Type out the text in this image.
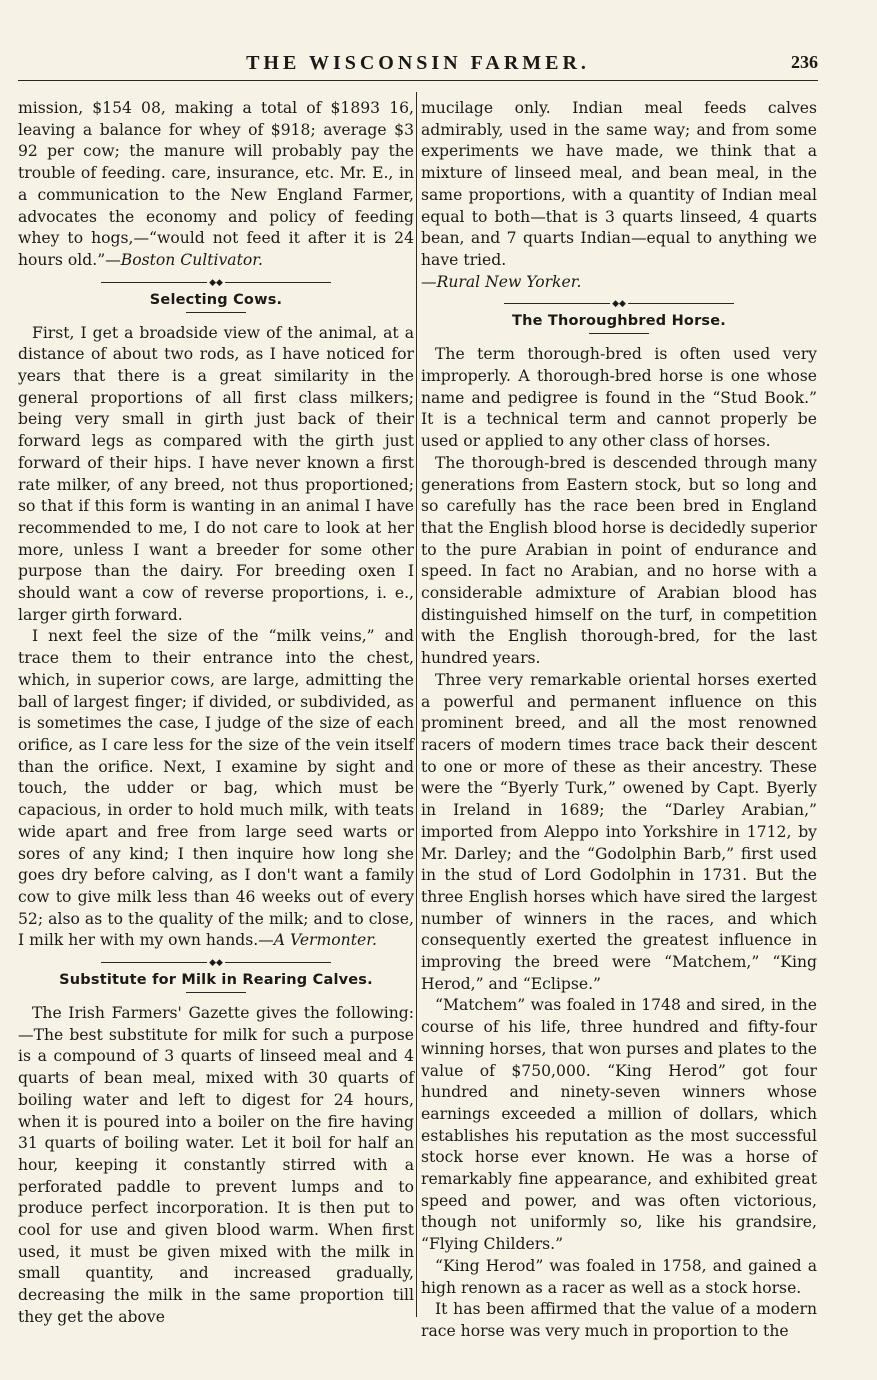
THE WISCONSIN FARMER.	236

mission, $154 08, making a total of $1893 16, leaving a balance for whey of $918; average $3 92 per cow; the manure will probably pay the trouble of feeding. care, insurance, etc. Mr. E., in a communication to the New England Farmer, advocates the economy and policy of feeding whey to hogs,—“would not feed it after it is 24 hours old.”—Boston Cultivator.

◆◆
Selecting Cows.

First, I get a broadside view of the animal, at a distance of about two rods, as I have noticed for years that there is a great similarity in the general proportions of all first class milkers; being very small in girth just back of their forward legs as compared with the girth just forward of their hips. I have never known a first rate milker, of any breed, not thus proportioned; so that if this form is wanting in an animal I have recommended to me, I do not care to look at her more, unless I want a breeder for some other purpose than the dairy. For breeding oxen I should want a cow of reverse proportions, i. e., larger girth forward.

I next feel the size of the “milk veins,” and trace them to their entrance into the chest, which, in superior cows, are large, admitting the ball of largest finger; if divided, or subdivided, as is sometimes the case, I judge of the size of each orifice, as I care less for the size of the vein itself than the orifice. Next, I examine by sight and touch, the udder or bag, which must be capacious, in order to hold much milk, with teats wide apart and free from large seed warts or sores of any kind; I then inquire how long she goes dry before calving, as I don't want a family cow to give milk less than 46 weeks out of every 52; also as to the quality of the milk; and to close, I milk her with my own hands.—A Vermonter.

◆◆
Substitute for Milk in Rearing Calves.

The Irish Farmers' Gazette gives the following:—The best substitute for milk for such a purpose is a compound of 3 quarts of linseed meal and 4 quarts of bean meal, mixed with 30 quarts of boiling water and left to digest for 24 hours, when it is poured into a boiler on the fire having 31 quarts of boiling water. Let it boil for half an hour, keeping it constantly stirred with a perforated paddle to prevent lumps and to produce perfect incorporation. It is then put to cool for use and given blood warm. When first used, it must be given mixed with the milk in small quantity, and increased gradually, decreasing the milk in the same proportion till they get the above

mucilage only. Indian meal feeds calves admirably, used in the same way; and from some experiments we have made, we think that a mixture of linseed meal, and bean meal, in the same proportions, with a quantity of Indian meal equal to both—that is 3 quarts linseed, 4 quarts bean, and 7 quarts Indian—equal to anything we have tried.

—Rural New Yorker.

◆◆
The Thoroughbred Horse.

The term thorough-bred is often used very improperly. A thorough-bred horse is one whose name and pedigree is found in the “Stud Book.” It is a technical term and cannot properly be used or applied to any other class of horses.

The thorough-bred is descended through many generations from Eastern stock, but so long and so carefully has the race been bred in England that the English blood horse is decidedly superior to the pure Arabian in point of endurance and speed. In fact no Arabian, and no horse with a considerable admixture of Arabian blood has distinguished himself on the turf, in competition with the English thorough-bred, for the last hundred years.

Three very remarkable oriental horses exerted a powerful and permanent influence on this prominent breed, and all the most renowned racers of modern times trace back their descent to one or more of these as their ancestry. These were the “Byerly Turk,” owened by Capt. Byerly in Ireland in 1689; the “Darley Arabian,” imported from Aleppo into Yorkshire in 1712, by Mr. Darley; and the “Godolphin Barb,” first used in the stud of Lord Godolphin in 1731. But the three English horses which have sired the largest number of winners in the races, and which consequently exerted the greatest influence in improving the breed were “Matchem,” “King Herod,” and “Eclipse.”

“Matchem” was foaled in 1748 and sired, in the course of his life, three hundred and fifty-four winning horses, that won purses and plates to the value of $750,000. “King Herod” got four hundred and ninety-seven winners whose earnings exceeded a million of dollars, which establishes his reputation as the most successful stock horse ever known. He was a horse of remarkably fine appearance, and exhibited great speed and power, and was often victorious, though not uniformly so, like his grandsire, “Flying Childers.”

“King Herod” was foaled in 1758, and gained a high renown as a racer as well as a stock horse.

It has been affirmed that the value of a modern race horse was very much in proportion to the
